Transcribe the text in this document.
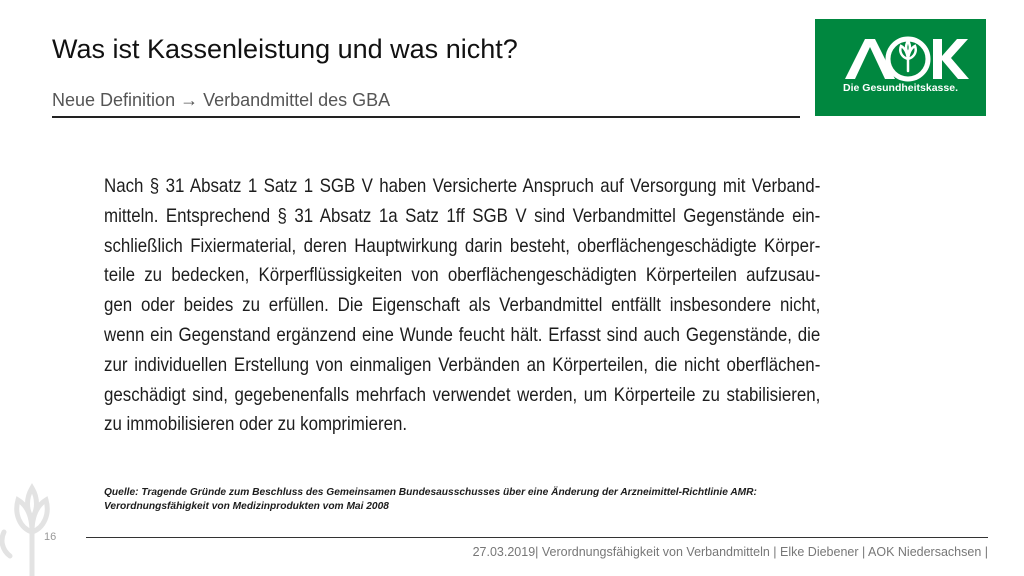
Was ist Kassenleistung und was nicht?
Neue Definition → Verbandmittel des GBA
Die Gesundheitskasse.
Nach § 31 Absatz 1 Satz 1 SGB V haben Versicherte Anspruch auf Versorgung mit Verband-
mitteln. Entsprechend § 31 Absatz 1a Satz 1ff SGB V sind Verbandmittel Gegenstände ein-
schließlich Fixiermaterial, deren Hauptwirkung darin besteht, oberflächengeschädigte Körper-
teile zu bedecken, Körperflüssigkeiten von oberflächengeschädigten Körperteilen aufzusau-
gen oder beides zu erfüllen. Die Eigenschaft als Verbandmittel entfällt insbesondere nicht,
wenn ein Gegenstand ergänzend eine Wunde feucht hält. Erfasst sind auch Gegenstände, die
zur individuellen Erstellung von einmaligen Verbänden an Körperteilen, die nicht oberflächen-
geschädigt sind, gegebenenfalls mehrfach verwendet werden, um Körperteile zu stabilisieren,
zu immobilisieren oder zu komprimieren.
Quelle: Tragende Gründe zum Beschluss des Gemeinsamen Bundesausschusses über eine Änderung der Arzneimittel-Richtlinie AMR:
Verordnungsfähigkeit von Medizinprodukten vom Mai 2008
16
27.03.2019| Verordnungsfähigkeit von Verbandmitteln | Elke Diebener | AOK Niedersachsen |
